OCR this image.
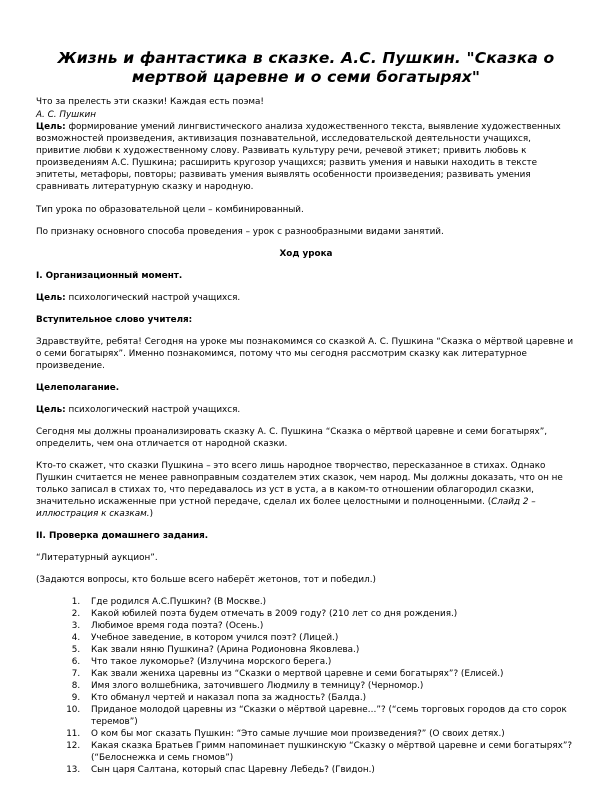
Жизнь и фантастика в сказке. А.С. Пушкин. "Сказка о мертвой царевне и о семи богатырях"

Что за прелесть эти сказки! Каждая есть поэма!

А. С. Пушкин

Цель: формирование умений лингвистического анализа художественного текста, выявление художественных возможностей произведения, активизация познавательной, исследовательской деятельности учащихся, привитие любви к художественному слову. Развивать культуру речи, речевой этикет; привить любовь к произведениям А.С. Пушкина; расширить кругозор учащихся; развить умения и навыки находить в тексте эпитеты, метафоры, повторы; развивать умения выявлять особенности произведения; развивать умения сравнивать литературную сказку и народную.

Тип урока по образовательной цели – комбинированный.

По признаку основного способа проведения – урок с разнообразными видами занятий.

Ход урока

I. Организационный момент.

Цель: психологический настрой учащихся.

Вступительное слово учителя:

Здравствуйте, ребята! Сегодня на уроке мы познакомимся со сказкой А. С. Пушкина “Сказка о мёртвой царевне и о семи богатырях”. Именно познакомимся, потому что мы сегодня рассмотрим сказку как литературное произведение.

Целеполагание.

Цель: психологический настрой учащихся.

Сегодня мы должны проанализировать сказку А. С. Пушкина “Сказка о мёртвой царевне и семи богатырях”, определить, чем она отличается от народной сказки.

Кто-то скажет, что сказки Пушкина – это всего лишь народное творчество, пересказанное в стихах. Однако Пушкин считается не менее равноправным создателем этих сказок, чем народ. Мы должны доказать, что он не только записал в стихах то, что передавалось из уст в уста, а в каком-то отношении облагородил сказки, значительно искаженные при устной передаче, сделал их более целостными и полноценными. (Слайд 2 – иллюстрация к сказкам.)

II. Проверка домашнего задания.

“Литературный аукцион”.

(Задаются вопросы, кто больше всего наберёт жетонов, тот и победил.)

1. Где родился А.С.Пушкин? (В Москве.)
2. Какой юбилей поэта будем отмечать в 2009 году? (210 лет со дня рождения.)
3. Любимое время года поэта? (Осень.)
4. Учебное заведение, в котором учился поэт? (Лицей.)
5. Как звали няню Пушкина? (Арина Родионовна Яковлева.)
6. Что такое лукоморье? (Излучина морского берега.)
7. Как звали жениха царевны из “Сказки о мертвой царевне и семи богатырях”? (Елисей.)
8. Имя злого волшебника, заточившего Людмилу в темницу? (Черномор.)
9. Кто обманул чертей и наказал попа за жадность? (Балда.)
10. Приданое молодой царевны из “Сказки о мёртвой царевне…”? (“семь торговых городов да сто сорок теремов”)
11. О ком бы мог сказать Пушкин: “Это самые лучшие мои произведения?” (О своих детях.)
12. Какая сказка Братьев Гримм напоминает пушкинскую “Сказку о мёртвой царевне и семи богатырях”? (“Белоснежка и семь гномов”)
13. Сын царя Салтана, который спас Царевну Лебедь? (Гвидон.)
